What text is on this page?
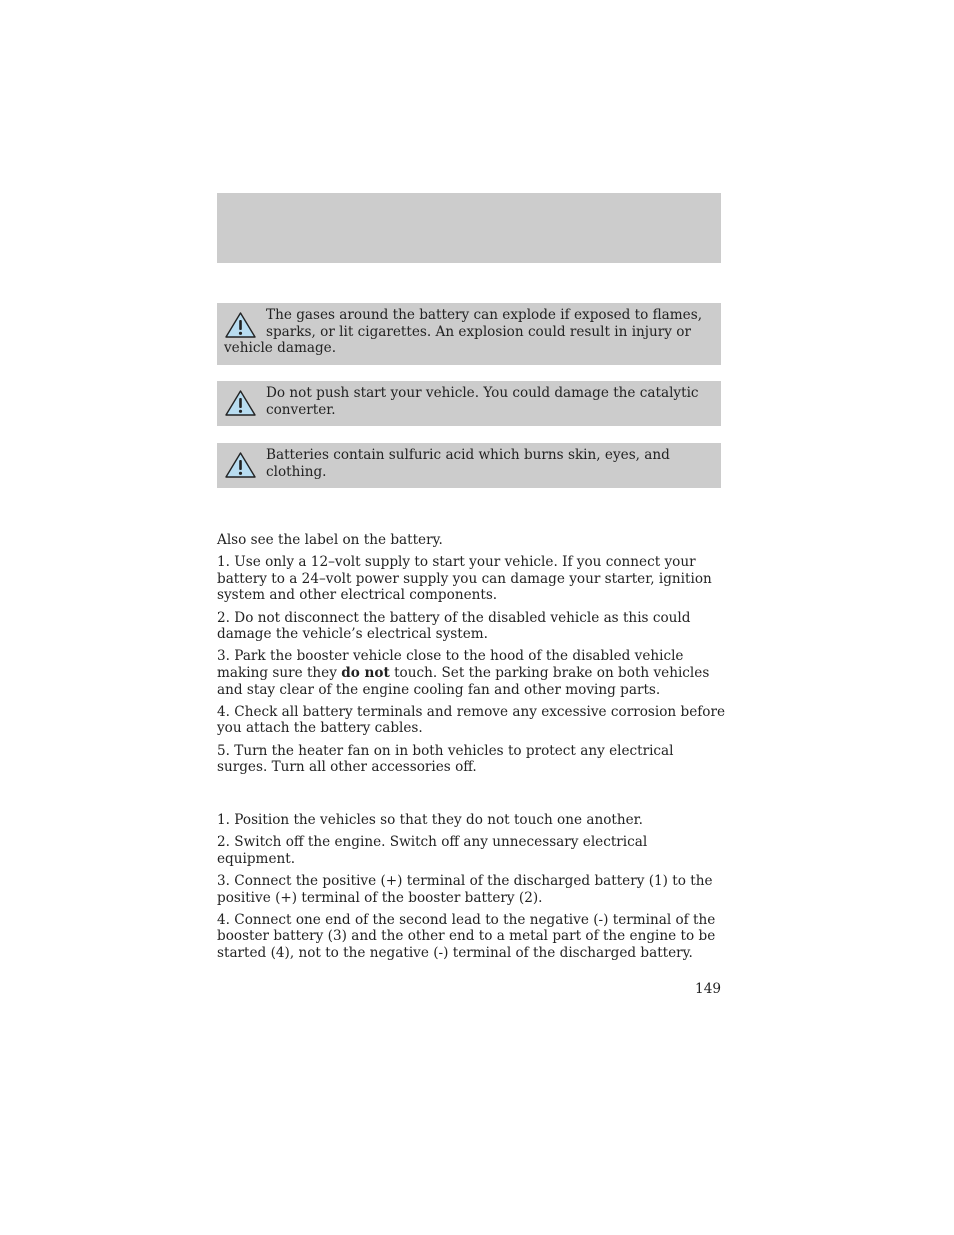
The gases around the battery can explode if exposed to flames, sparks, or lit cigarettes. An explosion could result in injury or vehicle damage.
Do not push start your vehicle. You could damage the catalytic converter.
Batteries contain sulfuric acid which burns skin, eyes, and clothing.

Also see the label on the battery.

1. Use only a 12–volt supply to start your vehicle. If you connect your battery to a 24–volt power supply you can damage your starter, ignition system and other electrical components.

2. Do not disconnect the battery of the disabled vehicle as this could damage the vehicle’s electrical system.

3. Park the booster vehicle close to the hood of the disabled vehicle making sure they do not touch. Set the parking brake on both vehicles and stay clear of the engine cooling fan and other moving parts.

4. Check all battery terminals and remove any excessive corrosion before you attach the battery cables.

5. Turn the heater fan on in both vehicles to protect any electrical surges. Turn all other accessories off.

1. Position the vehicles so that they do not touch one another.

2. Switch off the engine. Switch off any unnecessary electrical equipment.

3. Connect the positive (+) terminal of the discharged battery (1) to the positive (+) terminal of the booster battery (2).

4. Connect one end of the second lead to the negative (-) terminal of the booster battery (3) and the other end to a metal part of the engine to be started (4), not to the negative (-) terminal of the discharged battery.

149
